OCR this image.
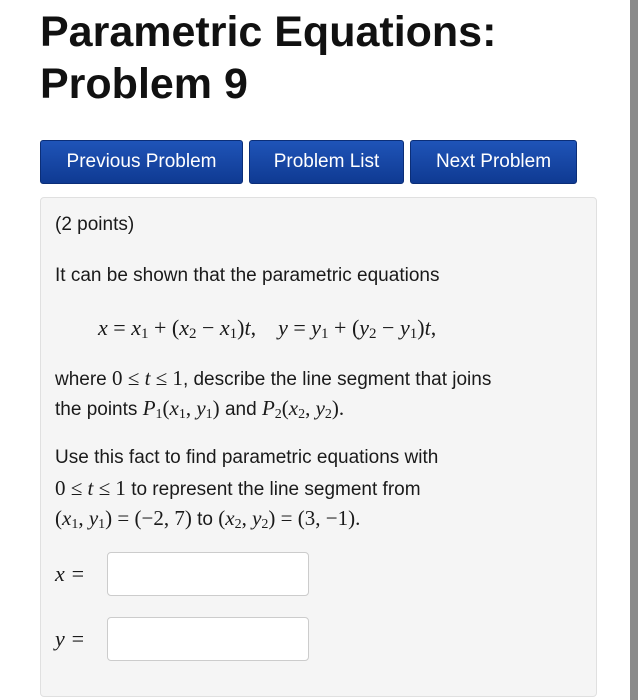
Parametric Equations:
Problem 9
Previous Problem	Problem List	Next Problem

(2 points)

It can be shown that the parametric equations

$x = x_1 + (x_2 - x_1)t$,    $y = y_1 + (y_2 - y_1)t$,

where 0 ≤ t ≤ 1, describe the line segment that joins

the points $P_1(x_1$, $y_1$) and $P_2(x_2$, $y_2$).

Use this fact to find parametric equations with

0 ≤ t ≤ 1 to represent the line segment from

($x_1$, $y_1) = (-2$, 7) to ($x_2$, $y_2) = (3$, −1).

x =
y =
